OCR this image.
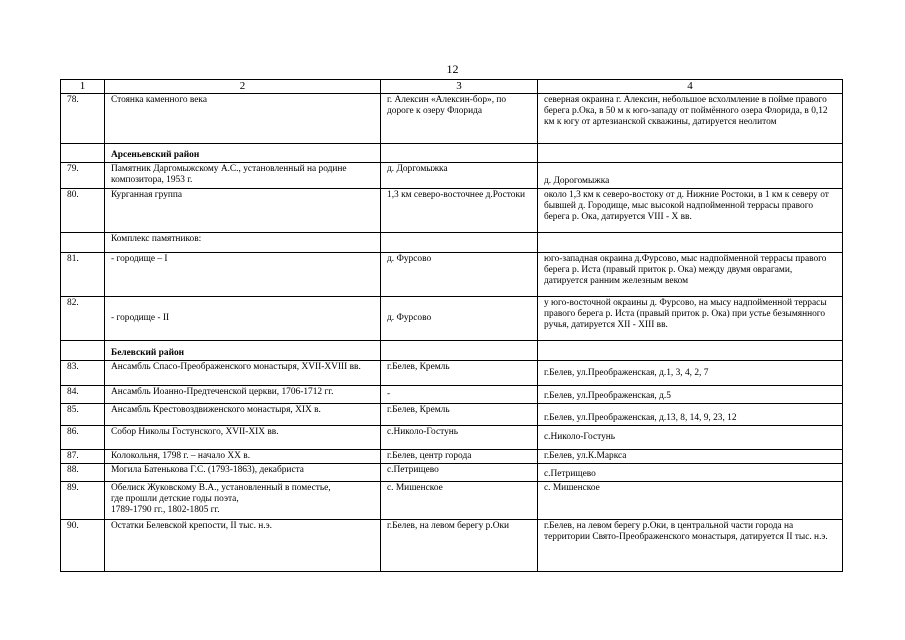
12
1	2	3	4
78.	Стоянка каменного века	г. Алексин «Алексин-бор», по дороге к озеру Флорида	северная окраина г. Алексин, небольшое всхолмление в пойме правого берега р.Ока, в 50 м к юго-западу от поймённого озера Флорида, в 0,12 км к югу от артезианской скважины, датируется неолитом
	Арсеньевский район		
79.	Памятник Даргомыжскому А.С., установленный на родине композитора, 1953 г.	д. Доргомыжка	д. Дорогомыжка
80.	Курганная группа	1,3 км северо-восточнее д.Ростоки	около 1,3 км к северо-востоку от д. Нижние Ростоки, в 1 км к северу от бывшей д. Городище, мыс высокой надпойменной террасы правого берега р. Ока, датируется VIII - X вв.
	Комплекс памятников:		
81.	- городище – I	д. Фурсово	юго-западная окраина д.Фурсово, мыс надпойменной террасы правого берега р. Иста (правый приток р. Ока) между двумя оврагами, датируется ранним железным веком
82.	- городище - II	д. Фурсово	у юго-восточной окраины д. Фурсово, на мысу надпойменной террасы правого берега р. Иста (правый приток р. Ока) при устье безымянного ручья, датируется XII - XIII вв.
	Белевский район		
83.	Ансамбль Спасо-Преображенского монастыря, XVII-XVIII вв.	г.Белев, Кремль	г.Белев, ул.Преображенская, д.1, 3, 4, 2, 7
84.	Ансамбль Иоанно-Предтеченской церкви, 1706-1712 гг.	-	г.Белев, ул.Преображенская, д.5
85.	Ансамбль Крестовоздвиженского монастыря, XIX в.	г.Белев, Кремль	г.Белев, ул.Преображенская, д.13, 8, 14, 9, 23, 12
86.	Собор Николы Гостунского, XVII-XIX вв.	с.Николо-Гостунь	с.Николо-Гостунь
87.	Колокольня, 1798 г. – начало XX в.	г.Белев, центр города	г.Белев, ул.К.Маркса
88.	Могила Батенькова Г.С. (1793-1863), декабриста	с.Петрищево	с.Петрищево
89.	Обелиск Жуковскому В.А., установленный в поместье,
где прошли детские годы поэта,
1789-1790 гг., 1802-1805 гг.	с. Мишенское	с. Мишенское
90.	Остатки Белевской крепости, II тыс. н.э.	г.Белев, на левом берегу р.Оки	г.Белев, на левом берегу р.Оки, в центральной части города на территории Свято-Преображенского монастыря, датируется II тыс. н.э.
